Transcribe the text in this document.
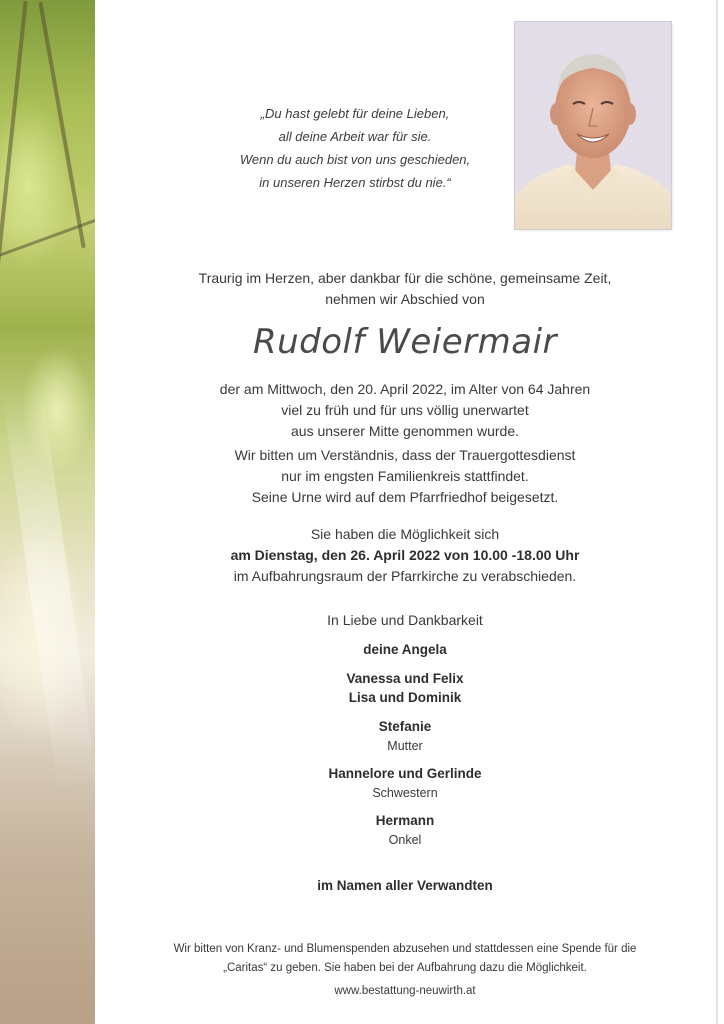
„Du hast gelebt für deine Lieben,
all deine Arbeit war für sie.
Wenn du auch bist von uns geschieden,
in unseren Herzen stirbst du nie.“
Traurig im Herzen, aber dankbar für die schöne, gemeinsame Zeit,
nehmen wir Abschied von
Rudolf Weiermair
der am Mittwoch, den 20. April 2022, im Alter von 64 Jahren
viel zu früh und für uns völlig unerwartet
aus unserer Mitte genommen wurde.
Wir bitten um Verständnis, dass der Trauergottesdienst
nur im engsten Familienkreis stattfindet.
Seine Urne wird auf dem Pfarrfriedhof beigesetzt.
Sie haben die Möglichkeit sich
am Dienstag, den 26. April 2022 von 10.00 -18.00 Uhr
im Aufbahrungsraum der Pfarrkirche zu verabschieden.
In Liebe und Dankbarkeit
deine Angela
Vanessa und Felix
Lisa und Dominik
Stefanie
Mutter
Hannelore und Gerlinde
Schwestern
Hermann
Onkel
im Namen aller Verwandten
Wir bitten von Kranz- und Blumenspenden abzusehen und stattdessen eine Spende für die
„Caritas“ zu geben. Sie haben bei der Aufbahrung dazu die Möglichkeit.
www.bestattung-neuwirth.at
